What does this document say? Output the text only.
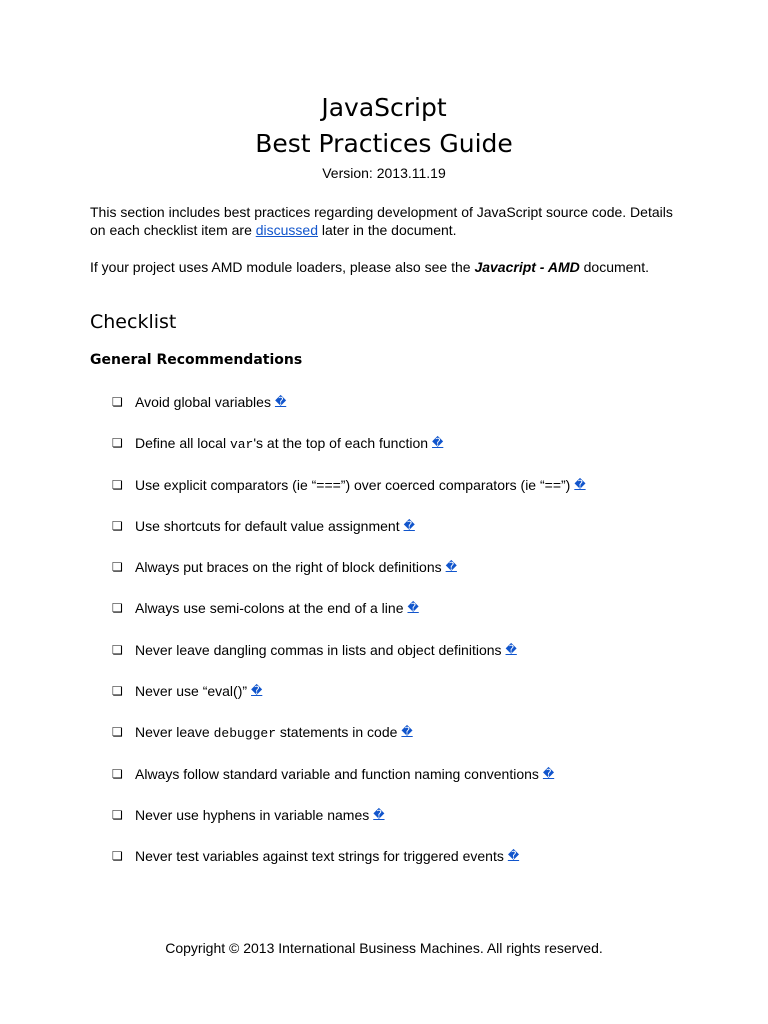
JavaScript
Best Practices Guide
Version: 2013.11.19
This section includes best practices regarding development of JavaScript source code. Details on each checklist item are discussed later in the document.
If your project uses AMD module loaders, please also see the Javacript - AMD document.
Checklist
General Recommendations
❏ Avoid global variables �
❏ Define all local var's at the top of each function �
❏ Use explicit comparators (ie “===”) over coerced comparators (ie “==”) �
❏ Use shortcuts for default value assignment �
❏ Always put braces on the right of block definitions �
❏ Always use semi-colons at the end of a line �
❏ Never leave dangling commas in lists and object definitions �
❏ Never use “eval()” �
❏ Never leave debugger statements in code �
❏ Always follow standard variable and function naming conventions �
❏ Never use hyphens in variable names �
❏ Never test variables against text strings for triggered events �
Copyright © 2013 International Business Machines. All rights reserved.
